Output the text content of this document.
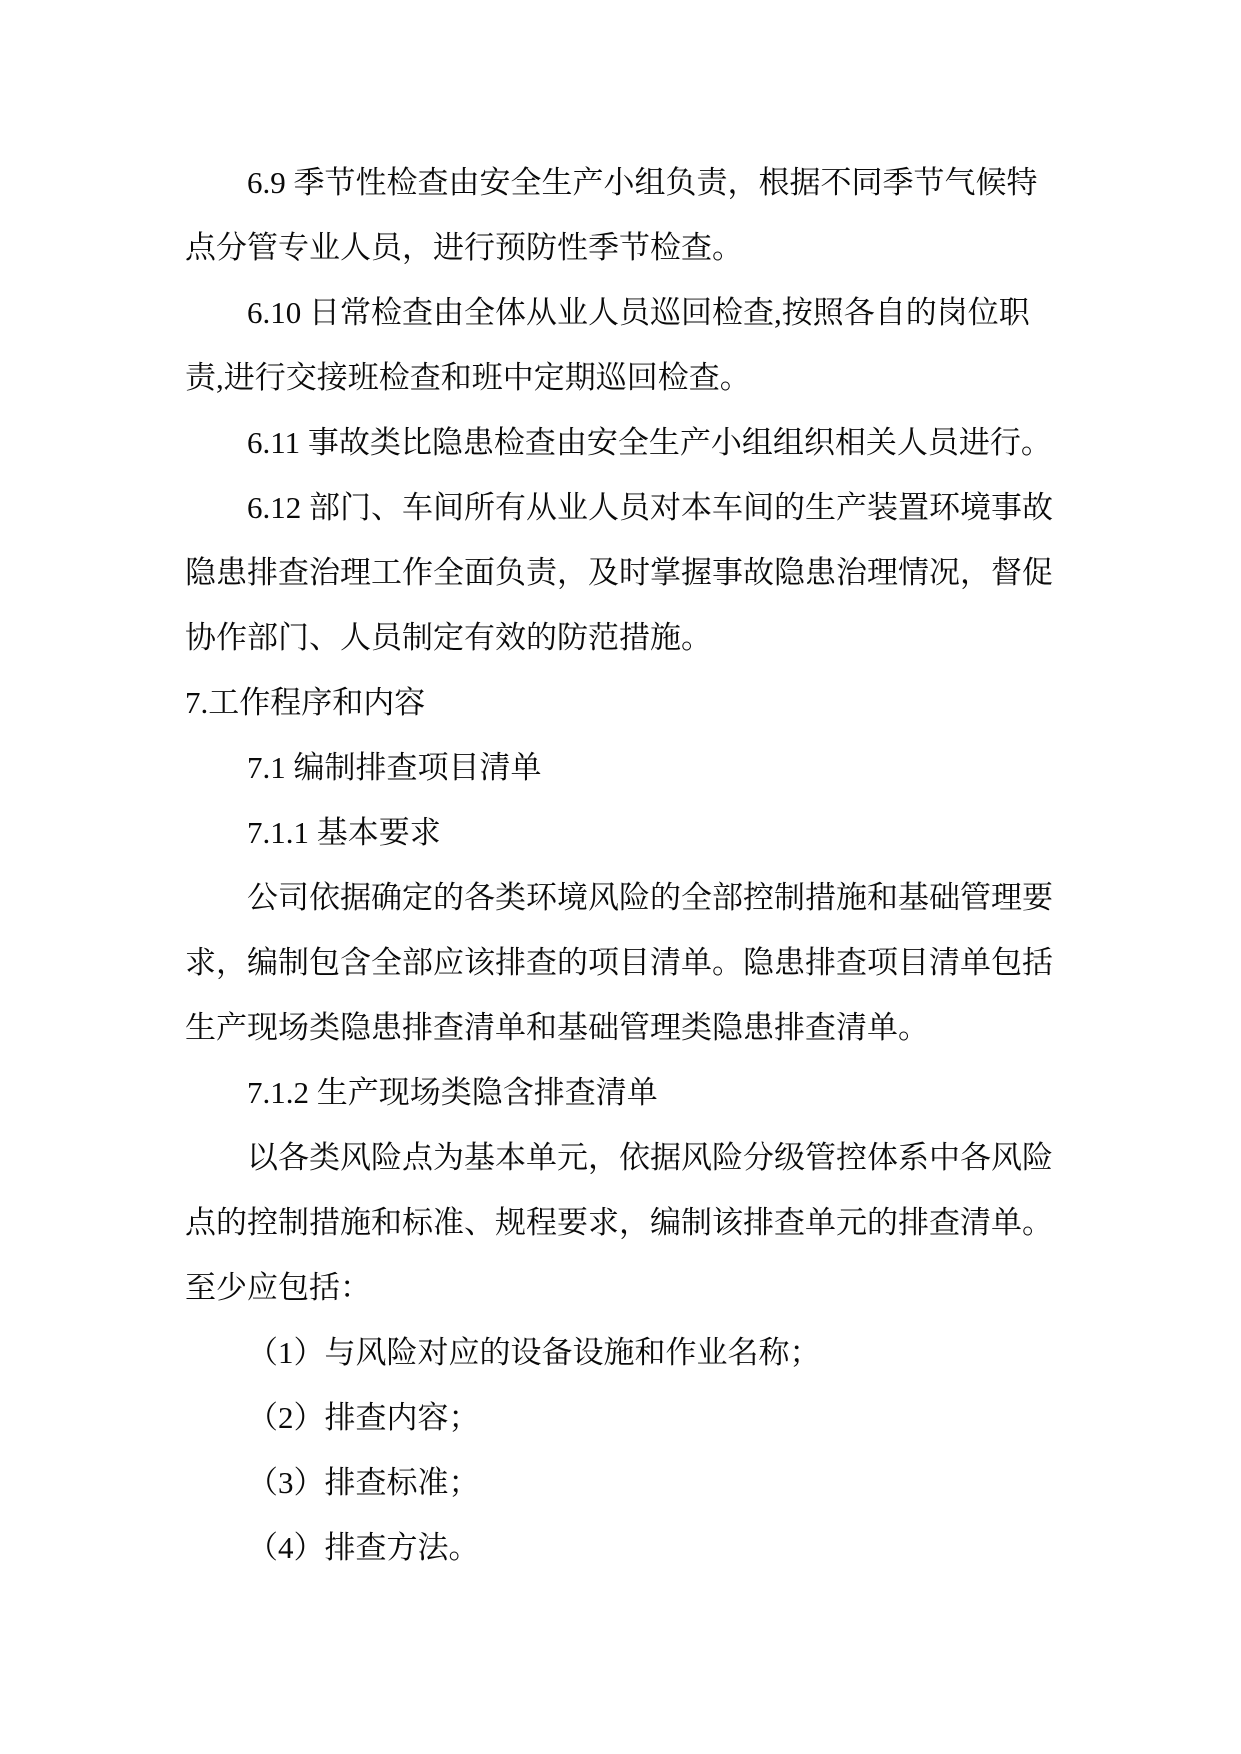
6.9 季节性检查由安全生产小组负责，根据不同季节气候特点分管专业人员，进行预防性季节检查。

6.10 日常检查由全体从业人员巡回检查,按照各自的岗位职责,进行交接班检查和班中定期巡回检查。

6.11 事故类比隐患检查由安全生产小组组织相关人员进行。

6.12 部门、车间所有从业人员对本车间的生产装置环境事故隐患排查治理工作全面负责，及时掌握事故隐患治理情况，督促协作部门、人员制定有效的防范措施。

7.工作程序和内容

7.1 编制排查项目清单

7.1.1 基本要求

公司依据确定的各类环境风险的全部控制措施和基础管理要求，编制包含全部应该排查的项目清单。隐患排查项目清单包括生产现场类隐患排查清单和基础管理类隐患排查清单。

7.1.2 生产现场类隐含排查清单

以各类风险点为基本单元，依据风险分级管控体系中各风险点的控制措施和标准、规程要求，编制该排查单元的排查清单。至少应包括：

（1）与风险对应的设备设施和作业名称；

（2）排查内容；

（3）排查标准；

（4）排查方法。
